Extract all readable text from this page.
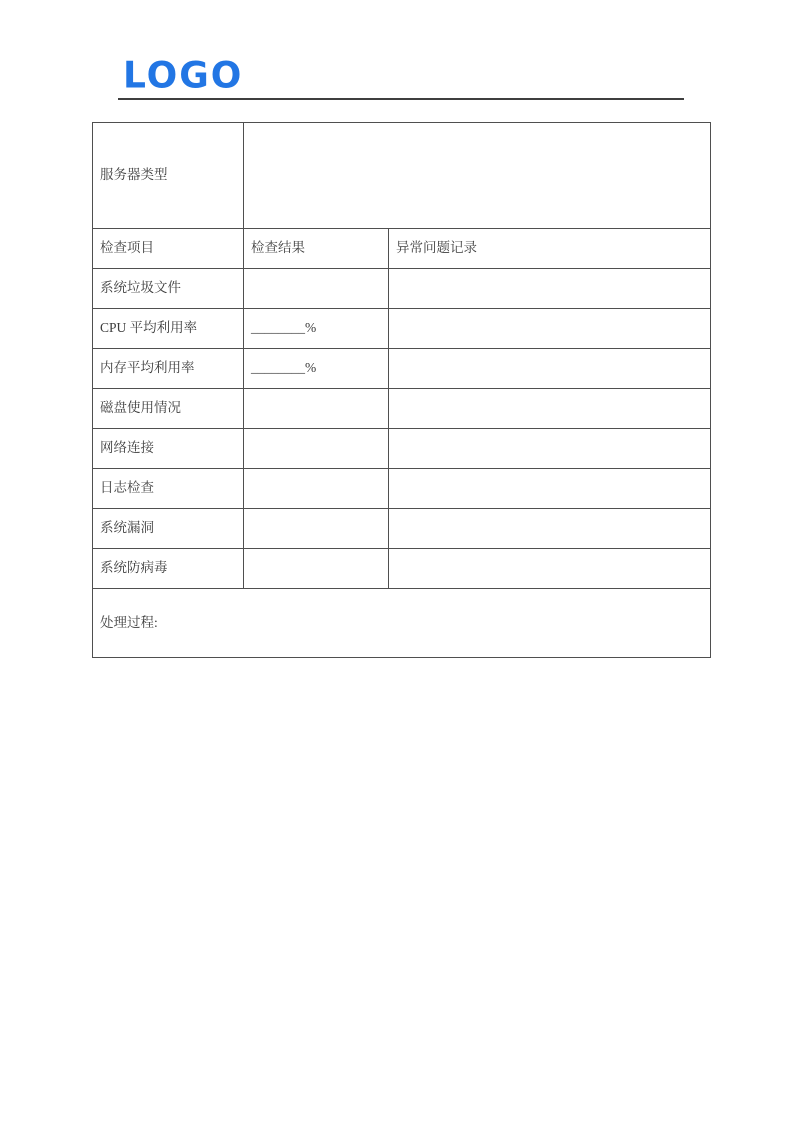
LOGO
服务器类型		
检查项目	检查结果	异常问题记录
系统垃圾文件		
CPU 平均利用率	________%	
内存平均利用率	________%	
磁盘使用情况		
网络连接		
日志检查		
系统漏洞		
系统防病毒		
处理过程:		
